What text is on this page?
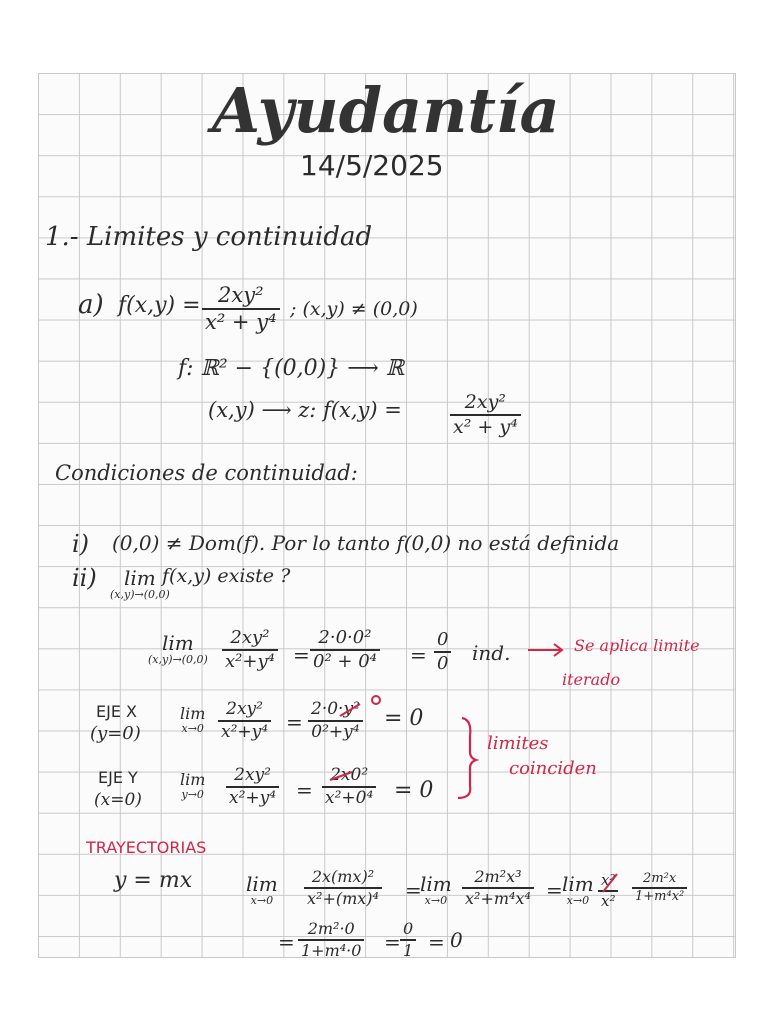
Ayudantía
14/5/2025
1.- Limites y continuidad
a) f(x,y) = 2xy²
x² + y⁴
; (x,y) ≠ (0,0)
f: ℝ² − {(0,0)} ⟶ ℝ
(x,y) ⟶ z: f(x,y) =	2xy²
x² + y⁴
Condiciones de continuidad:
i) (0,0) ≠ Dom(f). Por lo tanto f(0,0) no está definida
ii) lim
(x,y)→(0,0)
f(x,y) existe ?
lim
(x,y)→(0,0)
2xy²
x²+y⁴ =
2·0·0²
0² + 0⁴ =
0
0 ind.	Se aplica limite
iterado
EJE X
(y=0)
lim
x→0
2xy²
x²+y⁴ =
2·0·y²
0²+y⁴
= 0
EJE Y
(x=0)
lim
y→0
2xy²
x²+y⁴ =
2x0²
x²+0⁴ = 0
limites
coinciden
TRAYECTORIAS
y = mx	lim
x→0
2x(mx)²
x²+(mx)⁴ =
lim
x→0
2m²x³
x²+m⁴x⁴ = lim
x→0
x²
x²
2m²x
1+m⁴x²
=
2m²·0
1+m⁴·0 =
0
1 = 0
